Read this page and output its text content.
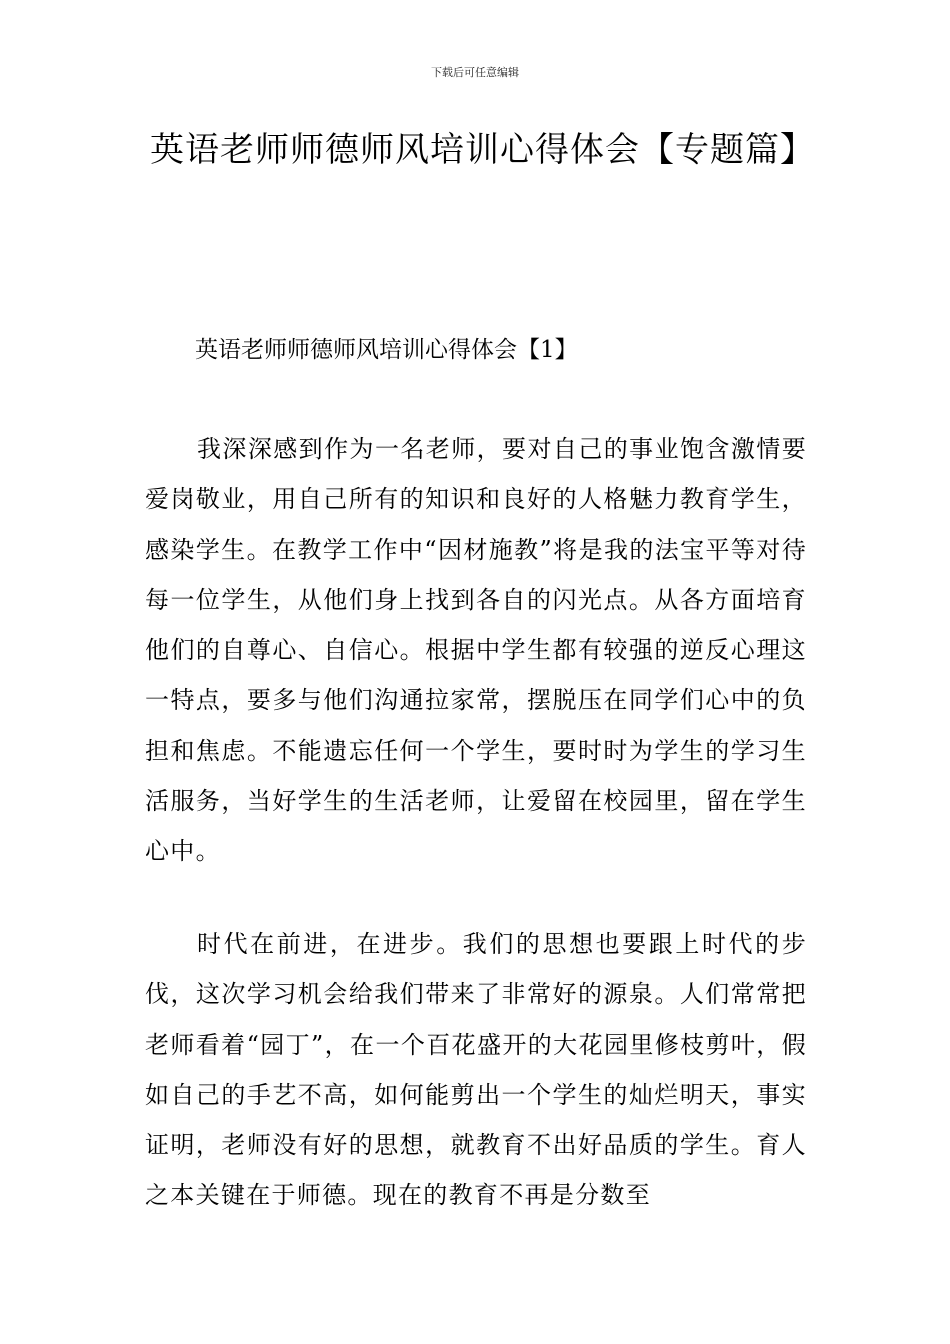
下载后可任意编辑
英语老师师德师风培训心得体会【专题篇】
英语老师师德师风培训心得体会【1】

我深深感到作为一名老师，要对自己的事业饱含激情要爱岗敬业，用自己所有的知识和良好的人格魅力教育学生，感染学生。在教学工作中“因材施教”将是我的法宝平等对待每一位学生，从他们身上找到各自的闪光点。从各方面培育他们的自尊心、自信心。根据中学生都有较强的逆反心理这一特点，要多与他们沟通拉家常，摆脱压在同学们心中的负担和焦虑。不能遗忘任何一个学生，要时时为学生的学习生活服务，当好学生的生活老师，让爱留在校园里，留在学生心中。

时代在前进，在进步。我们的思想也要跟上时代的步伐，这次学习机会给我们带来了非常好的源泉。人们常常把老师看着“园丁”，在一个百花盛开的大花园里修枝剪叶，假如自己的手艺不高，如何能剪出一个学生的灿烂明天，事实证明，老师没有好的思想，就教育不出好品质的学生。育人之本关键在于师德。现在的教育不再是分数至
